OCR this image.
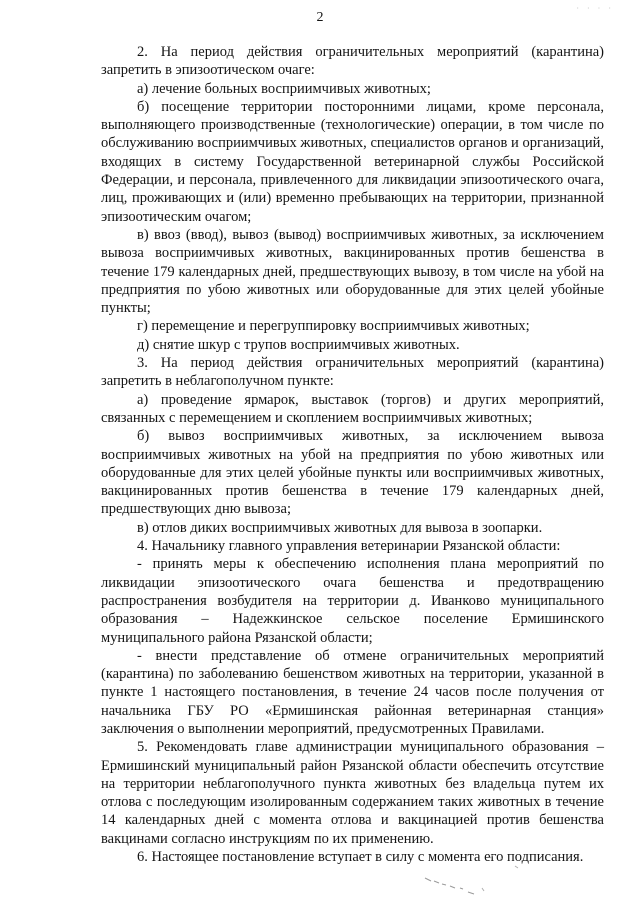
2
· · · ·

2. На период действия ограничительных мероприятий (карантина) запретить в эпизоотическом очаге:

а) лечение больных восприимчивых животных;

б) посещение территории посторонними лицами, кроме персонала, выполняющего производственные (технологические) операции, в том числе по обслуживанию восприимчивых животных, специалистов органов и организаций, входящих в систему Государственной ветеринарной службы Российской Федерации, и персонала, привлеченного для ликвидации эпизоотического очага, лиц, проживающих и (или) временно пребывающих на территории, признанной эпизоотическим очагом;

в) ввоз (ввод), вывоз (вывод) восприимчивых животных, за исключением вывоза восприимчивых животных, вакцинированных против бешенства в течение 179 календарных дней, предшествующих вывозу, в том числе на убой на предприятия по убою животных или оборудованные для этих целей убойные пункты;

г) перемещение и перегруппировку восприимчивых животных;

д) снятие шкур с трупов восприимчивых животных.

3. На период действия ограничительных мероприятий (карантина) запретить в неблагополучном пункте:

а) проведение ярмарок, выставок (торгов) и других мероприятий, связанных с перемещением и скоплением восприимчивых животных;

б) вывоз восприимчивых животных, за исключением вывоза восприимчивых животных на убой на предприятия по убою животных или оборудованные для этих целей убойные пункты или восприимчивых животных, вакцинированных против бешенства в течение 179 календарных дней, предшествующих дню вывоза;

в) отлов диких восприимчивых животных для вывоза в зоопарки.

4. Начальнику главного управления ветеринарии Рязанской области:

- принять меры к обеспечению исполнения плана мероприятий по ликвидации эпизоотического очага бешенства и предотвращению распространения возбудителя на территории д. Иванково муниципального образования – Надежкинское сельское поселение Ермишинского муниципального района Рязанской области;

- внести представление об отмене ограничительных мероприятий (карантина) по заболеванию бешенством животных на территории, указанной в пункте 1 настоящего постановления, в течение 24 часов после получения от начальника ГБУ РО «Ермишинская районная ветеринарная станция» заключения о выполнении мероприятий, предусмотренных Правилами.

5. Рекомендовать главе администрации муниципального образования – Ермишинский муниципальный район Рязанской области обеспечить отсутствие на территории неблагополучного пункта животных без владельца путем их отлова с последующим изолированным содержанием таких животных в течение 14 календарных дней с момента отлова и вакцинацией против бешенства вакцинами согласно инструкциям по их применению.

6. Настоящее постановление вступает в силу с момента его подписания.
